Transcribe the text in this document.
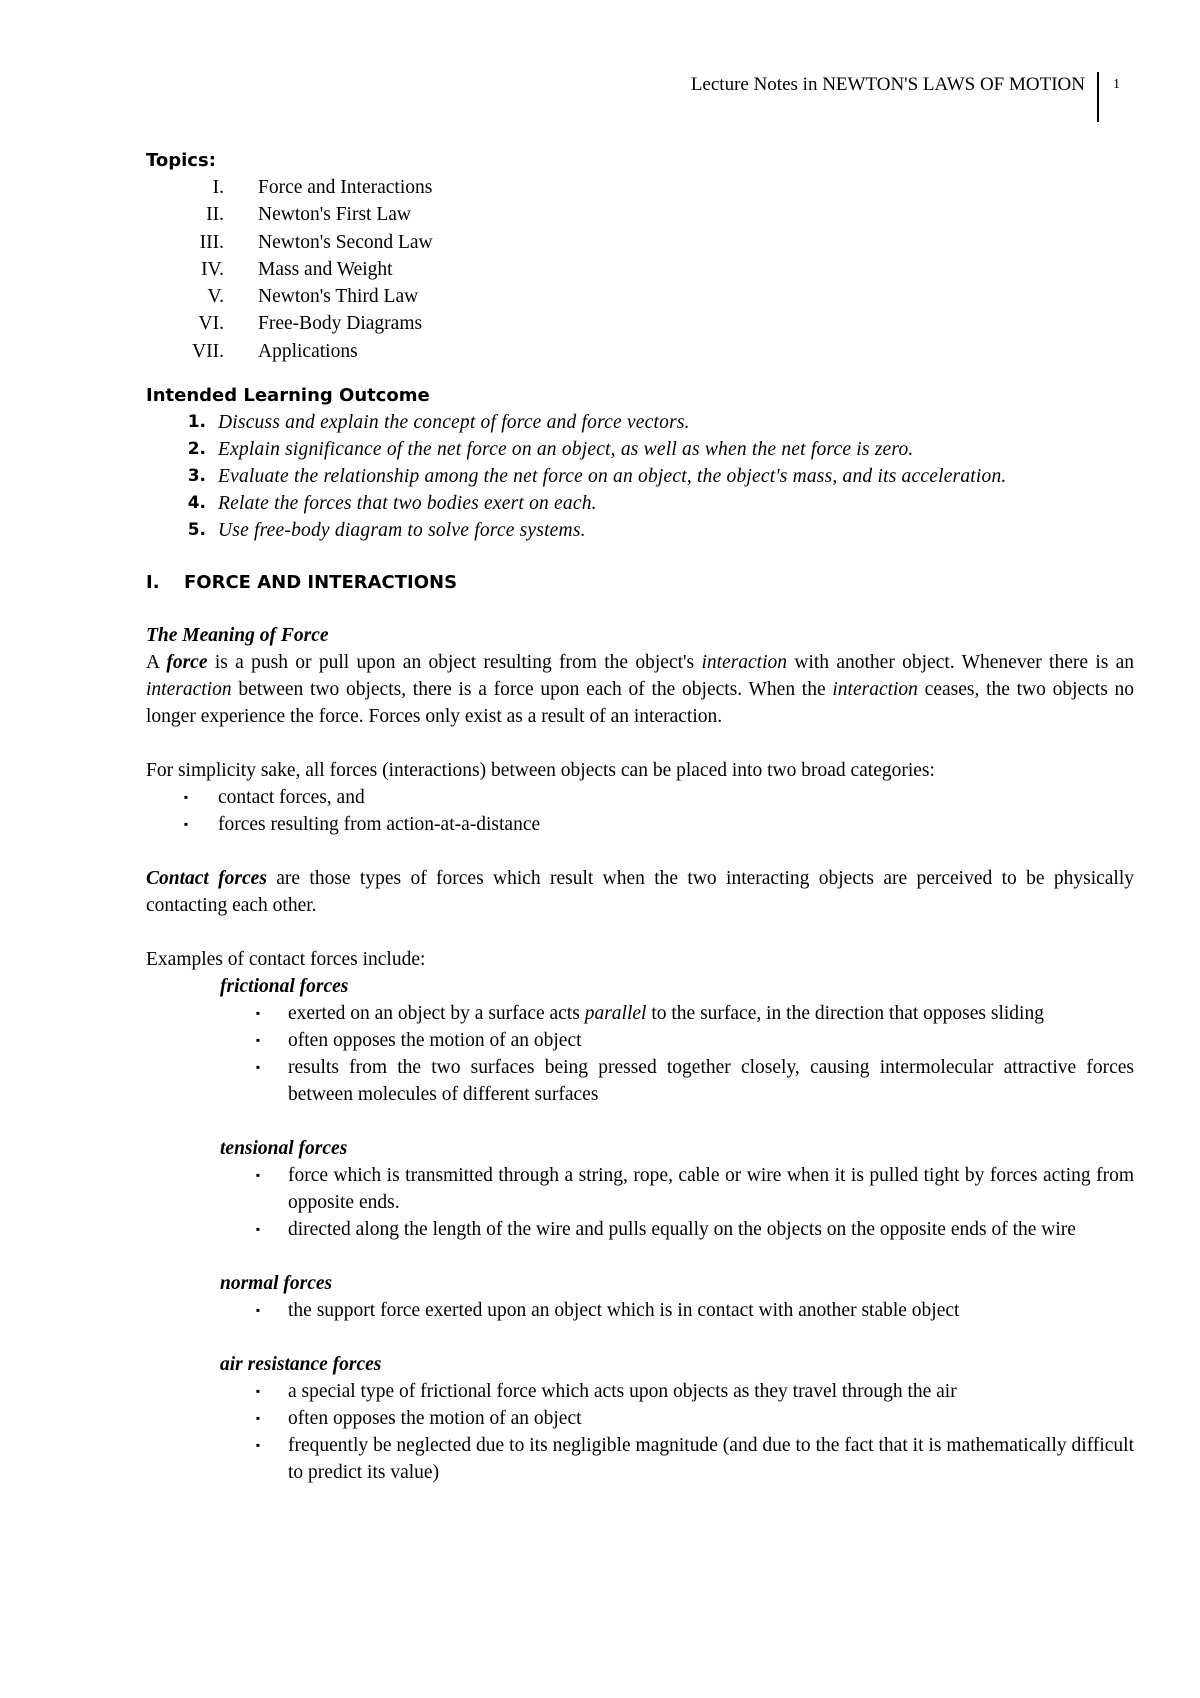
Lecture Notes in NEWTON'S LAWS OF MOTION	1
Topics:
I.	Force and Interactions
II.	Newton's First Law
III.	Newton's Second Law
IV.	Mass and Weight
V.	Newton's Third Law
VI.	Free-Body Diagrams
VII.	Applications
Intended Learning Outcome
1. Discuss and explain the concept of force and force vectors.
2. Explain significance of the net force on an object, as well as when the net force is zero.
3. Evaluate the relationship among the net force on an object, the object's mass, and its acceleration.
4. Relate the forces that two bodies exert on each.
5. Use free-body diagram to solve force systems.
I.	FORCE AND INTERACTIONS
The Meaning of Force

A force is a push or pull upon an object resulting from the object's interaction with another object. Whenever there is an interaction between two objects, there is a force upon each of the objects. When the interaction ceases, the two objects no longer experience the force. Forces only exist as a result of an interaction.

For simplicity sake, all forces (interactions) between objects can be placed into two broad categories:

▪	contact forces, and
▪	forces resulting from action-at-a-distance

Contact forces are those types of forces which result when the two interacting objects are perceived to be physically contacting each other.

Examples of contact forces include:

frictional forces
▪	exerted on an object by a surface acts parallel to the surface, in the direction that opposes sliding
▪	often opposes the motion of an object
▪	results from the two surfaces being pressed together closely, causing intermolecular attractive forces between molecules of different surfaces
tensional forces
▪	force which is transmitted through a string, rope, cable or wire when it is pulled tight by forces acting from opposite ends.
▪	directed along the length of the wire and pulls equally on the objects on the opposite ends of the wire
normal forces
▪	the support force exerted upon an object which is in contact with another stable object
air resistance forces
▪	a special type of frictional force which acts upon objects as they travel through the air
▪	often opposes the motion of an object
▪	frequently be neglected due to its negligible magnitude (and due to the fact that it is mathematically difficult to predict its value)
